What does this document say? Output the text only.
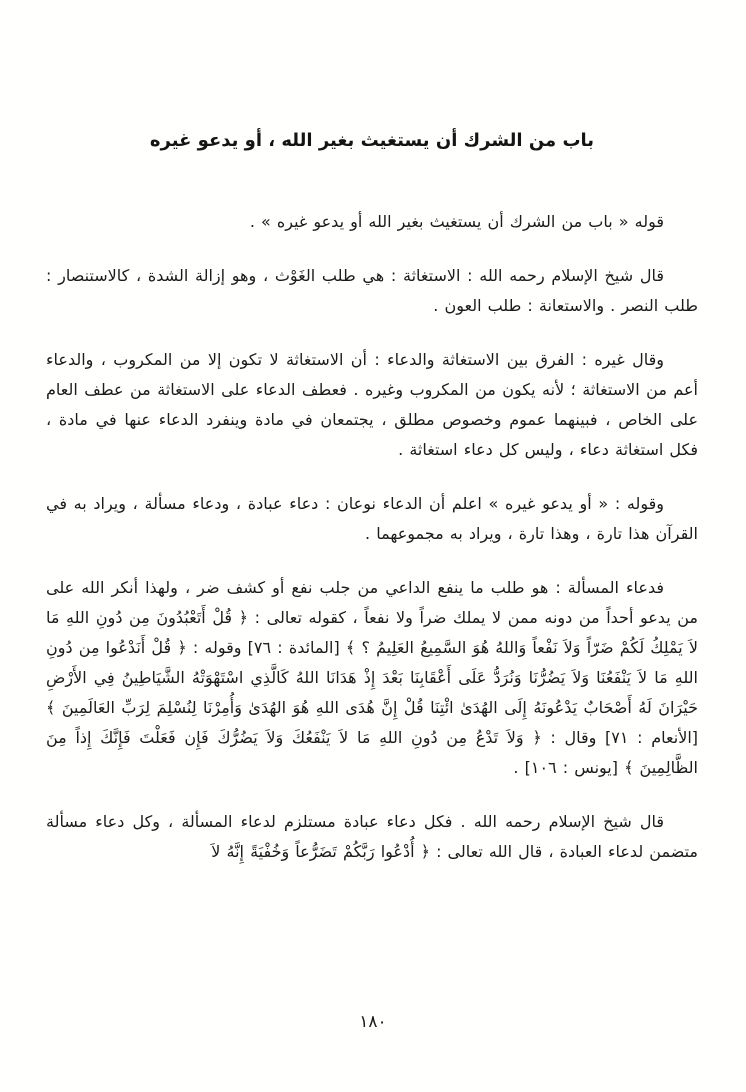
باب من الشرك أن يستغيث بغير الله ، أو يدعو غيره

قوله « باب من الشرك أن يستغيث بغير الله أو يدعو غيره » .

قال شيخ الإسلام رحمه الله : الاستغاثة : هي طلب الغَوْث ، وهو إزالة الشدة ، كالاستنصار : طلب النصر . والاستعانة : طلب العون .

وقال غيره : الفرق بين الاستغاثة والدعاء : أن الاستغاثة لا تكون إلا من المكروب ، والدعاء أعم من الاستغاثة ؛ لأنه يكون من المكروب وغيره . فعطف الدعاء على الاستغاثة من عطف العام على الخاص ، فبينهما عموم وخصوص مطلق ، يجتمعان في مادة وينفرد الدعاء عنها في مادة ، فكل استغاثة دعاء ، وليس كل دعاء استغاثة .

وقوله : « أو يدعو غيره » اعلم أن الدعاء نوعان : دعاء عبادة ، ودعاء مسألة ، ويراد به في القرآن هذا تارة ، وهذا تارة ، ويراد به مجموعهما .

فدعاء المسألة : هو طلب ما ينفع الداعي من جلب نفع أو كشف ضر ، ولهذا أنكر الله على من يدعو أحداً من دونه ممن لا يملك ضراً ولا نفعاً ، كقوله تعالى : ﴿ قُلْ أَتَعْبُدُونَ مِن دُونِ اللهِ مَا لاَ يَمْلِكُ لَكُمْ ضَرّاً وَلاَ نَفْعاً وَاللهُ هُوَ السَّمِيعُ العَلِيمُ ؟ ﴾ [المائدة : ٧٦] وقوله : ﴿ قُلْ أَنَدْعُوا مِن دُونِ اللهِ مَا لاَ يَنْفَعُنَا وَلاَ يَضُرُّنَا وَنُرَدُّ عَلَى أَعْقَابِنَا بَعْدَ إِذْ هَدَانَا اللهُ كَالَّذِي اسْتَهْوَتْهُ الشَّيَاطِينُ فِي الأَرْضِ حَيْرَانَ لَهُ أَصْحَابٌ يَدْعُونَهُ إِلَى الهُدَىٰ ائْتِنَا قُلْ إِنَّ هُدَى اللهِ هُوَ الهُدَىٰ وَأُمِرْنَا لِنُسْلِمَ لِرَبِّ العَالَمِينَ ﴾ [الأنعام : ٧١] وقال : ﴿ وَلاَ تَدْعُ مِن دُونِ اللهِ مَا لاَ يَنْفَعُكَ وَلاَ يَضُرُّكَ فَإِن فَعَلْتَ فَإِنَّكَ إِذاً مِنَ الظَّالِمِينَ ﴾ [يونس : ١٠٦] .

قال شيخ الإسلام رحمه الله . فكل دعاء عبادة مستلزم لدعاء المسألة ، وكل دعاء مسألة متضمن لدعاء العبادة ، قال الله تعالى : ﴿ أُدْعُوا رَبَّكُمْ تَضَرُّعاً وَخُفْيَةً إِنَّهُ لاَ

١٨٠
